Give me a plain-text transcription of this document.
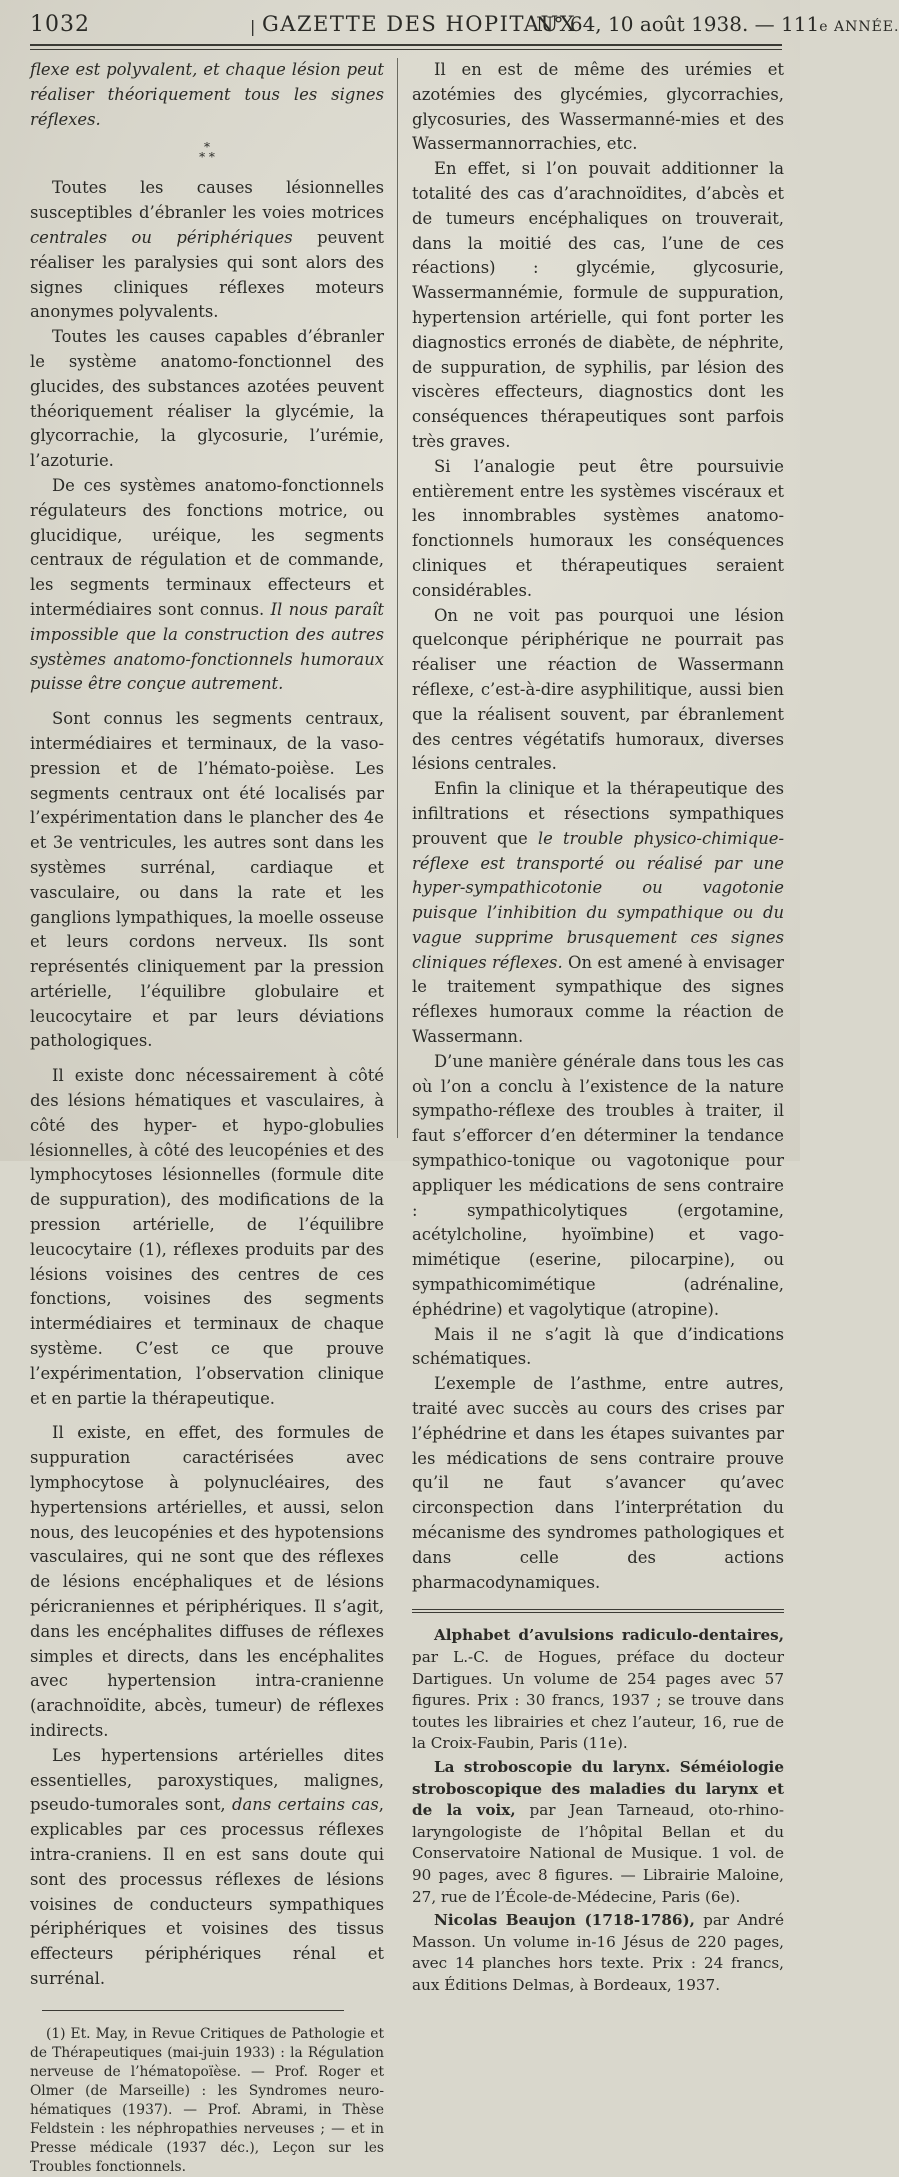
1032	| GAZETTE DES HOPITAUX
N° 64, 10 août 1938. — 111e ANNÉE.

flexe est polyvalent, et chaque lésion peut réaliser théoriquement tous les signes réflexes.

*
* *

Toutes les causes lésionnelles susceptibles d’ébranler les voies motrices centrales ou périphériques peuvent réaliser les paralysies qui sont alors des signes cliniques réflexes moteurs anonymes polyvalents.

Toutes les causes capables d’ébranler le système anatomo-fonctionnel des glucides, des substances azotées peuvent théoriquement réaliser la glycémie, la glycorrachie, la glycosurie, l’urémie, l’azoturie.

De ces systèmes anatomo-fonctionnels régulateurs des fonctions motrice, ou glucidique, uréique, les segments centraux de régulation et de commande, les segments terminaux effecteurs et intermédiaires sont connus. Il nous paraît impossible que la construction des autres systèmes anatomo-fonctionnels humoraux puisse être conçue autrement.

Sont connus les segments centraux, intermédiaires et terminaux, de la vaso-pression et de l’hémato-poièse. Les segments centraux ont été localisés par l’expérimentation dans le plancher des 4e et 3e ventricules, les autres sont dans les systèmes surrénal, cardiaque et vasculaire, ou dans la rate et les ganglions lympathiques, la moelle osseuse et leurs cordons nerveux. Ils sont représentés cliniquement par la pression artérielle, l’équilibre globulaire et leucocytaire et par leurs déviations pathologiques.

Il existe donc nécessairement à côté des lésions hématiques et vasculaires, à côté des hyper- et hypo-globulies lésionnelles, à côté des leucopénies et des lymphocytoses lésionnelles (formule dite de suppuration), des modifications de la pression artérielle, de l’équilibre leucocytaire (1), réflexes produits par des lésions voisines des centres de ces fonctions, voisines des segments intermédiaires et terminaux de chaque système. C’est ce que prouve l’expérimentation, l’observation clinique et en partie la thérapeutique.

Il existe, en effet, des formules de suppuration caractérisées avec lymphocytose à polynucléaires, des hypertensions artérielles, et aussi, selon nous, des leucopénies et des hypotensions vasculaires, qui ne sont que des réflexes de lésions encéphaliques et de lésions péricraniennes et périphériques. Il s’agit, dans les encéphalites diffuses de réflexes simples et directs, dans les encéphalites avec hypertension intra-cranienne (arachnoïdite, abcès, tumeur) de réflexes indirects.

Les hypertensions artérielles dites essentielles, paroxystiques, malignes, pseudo-tumorales sont, dans certains cas, explicables par ces processus réflexes intra-craniens. Il en est sans doute qui sont des processus réflexes de lésions voisines de conducteurs sympathiques périphériques et voisines des tissus effecteurs périphériques rénal et surrénal.

(1) Et. May, in Revue Critiques de Pathologie et de Thérapeutiques (mai-juin 1933) : la Régulation nerveuse de l’hématopoïèse. — Prof. Roger et Olmer (de Marseille) : les Syndromes neuro-hématiques (1937). — Prof. Abrami, in Thèse Feldstein : les néphropathies nerveuses ; — et in Presse médicale (1937 déc.), Leçon sur les Troubles fonctionnels.

Il en est de même des urémies et azotémies des glycémies, glycorrachies, glycosuries, des Wassermanné-mies et des Wassermannorrachies, etc.

En effet, si l’on pouvait additionner la totalité des cas d’arachnoïdites, d’abcès et de tumeurs encéphaliques on trouverait, dans la moitié des cas, l’une de ces réactions) : glycémie, glycosurie, Wassermannémie, formule de suppuration, hypertension artérielle, qui font porter les diagnostics erronés de diabète, de néphrite, de suppuration, de syphilis, par lésion des viscères effecteurs, diagnostics dont les conséquences thérapeutiques sont parfois très graves.

Si l’analogie peut être poursuivie entièrement entre les systèmes viscéraux et les innombrables systèmes anatomo-fonctionnels humoraux les conséquences cliniques et thérapeutiques seraient considérables.

On ne voit pas pourquoi une lésion quelconque périphérique ne pourrait pas réaliser une réaction de Wassermann réflexe, c’est-à-dire asyphilitique, aussi bien que la réalisent souvent, par ébranlement des centres végétatifs humoraux, diverses lésions centrales.

Enfin la clinique et la thérapeutique des infiltrations et résections sympathiques prouvent que le trouble physico-chimique-réflexe est transporté ou réalisé par une hyper-sympathicotonie ou vagotonie puisque l’inhibition du sympathique ou du vague supprime brusquement ces signes cliniques réflexes. On est amené à envisager le traitement sympathique des signes réflexes humoraux comme la réaction de Wassermann.

D’une manière générale dans tous les cas où l’on a conclu à l’existence de la nature sympatho-réflexe des troubles à traiter, il faut s’efforcer d’en déterminer la tendance sympathico-tonique ou vagotonique pour appliquer les médications de sens contraire : sympathicolytiques (ergotamine, acétylcholine, hyoïmbine) et vago-mimétique (eserine, pilocarpine), ou sympathicomimétique (adrénaline, éphédrine) et vagolytique (atropine).

Mais il ne s’agit là que d’indications schématiques.

L’exemple de l’asthme, entre autres, traité avec succès au cours des crises par l’éphédrine et dans les étapes suivantes par les médications de sens contraire prouve qu’il ne faut s’avancer qu’avec circonspection dans l’interprétation du mécanisme des syndromes pathologiques et dans celle des actions pharmacodynamiques.

Alphabet d’avulsions radiculo-dentaires, par L.-C. de Hogues, préface du docteur Dartigues. Un volume de 254 pages avec 57 figures. Prix : 30 francs, 1937 ; se trouve dans toutes les librairies et chez l’auteur, 16, rue de la Croix-Faubin, Paris (11e).

La stroboscopie du larynx. Séméiologie stroboscopique des maladies du larynx et de la voix, par Jean Tarneaud, oto-rhino-laryngologiste de l’hôpital Bellan et du Conservatoire National de Musique. 1 vol. de 90 pages, avec 8 figures. — Librairie Maloine, 27, rue de l’École-de-Médecine, Paris (6e).

Nicolas Beaujon (1718-1786), par André Masson. Un volume in-16 Jésus de 220 pages, avec 14 planches hors texte. Prix : 24 francs, aux Éditions Delmas, à Bordeaux, 1937.
